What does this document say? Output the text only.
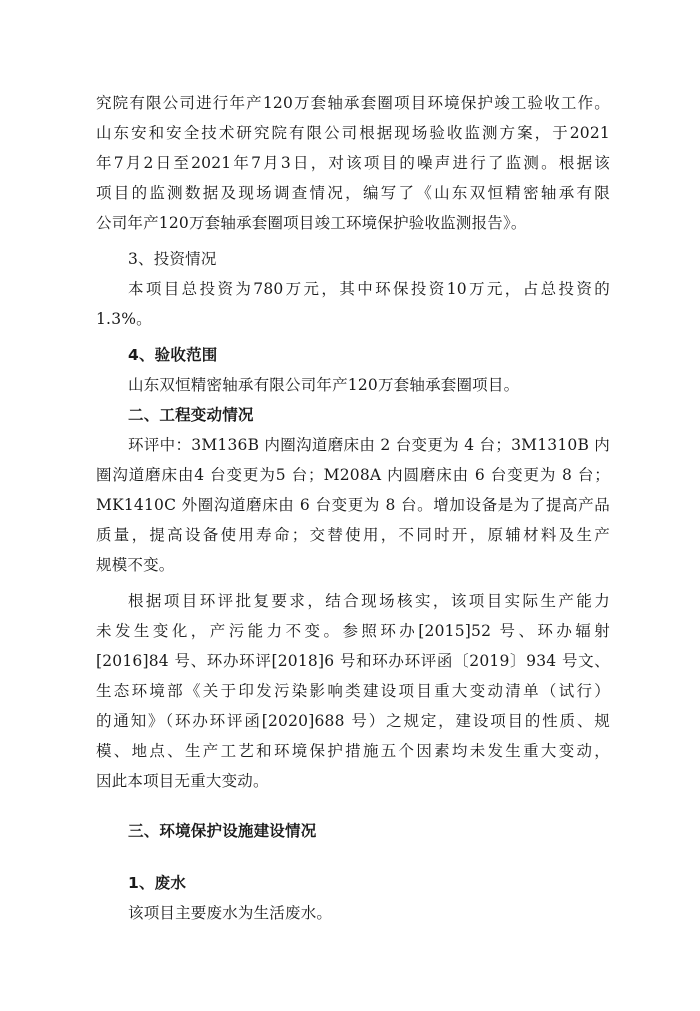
究院有限公司进行年产120万套轴承套圈项目环境保护竣工验收工作。
山东安和安全技术研究院有限公司根据现场验收监测方案，于2021
年7月2日至2021年7月3日，对该项目的噪声进行了监测。根据该
项目的监测数据及现场调查情况，编写了《山东双恒精密轴承有限
公司年产120万套轴承套圈项目竣工环境保护验收监测报告》。
3、投资情况
本项目总投资为780万元，其中环保投资10万元，占总投资的
1.3%。
4、验收范围
山东双恒精密轴承有限公司年产120万套轴承套圈项目。
二、工程变动情况
环评中：3M136B 内圈沟道磨床由 2 台变更为 4 台；3M1310B 内
圈沟道磨床由4 台变更为5 台；M208A 内圆磨床由 6 台变更为 8 台；
MK1410C 外圈沟道磨床由 6 台变更为 8 台。增加设备是为了提高产品
质量，提高设备使用寿命；交替使用，不同时开，原辅材料及生产
规模不变。
根据项目环评批复要求，结合现场核实，该项目实际生产能力
未发生变化，产污能力不变。参照环办[2015]52 号、环办辐射
[2016]84 号、环办环评[2018]6 号和环办环评函〔2019〕934 号文、
生态环境部《关于印发污染影响类建设项目重大变动清单（试行）
的通知》（环办环评函[2020]688 号）之规定，建设项目的性质、规
模、地点、生产工艺和环境保护措施五个因素均未发生重大变动，
因此本项目无重大变动。
三、环境保护设施建设情况
1、废水
该项目主要废水为生活废水。
